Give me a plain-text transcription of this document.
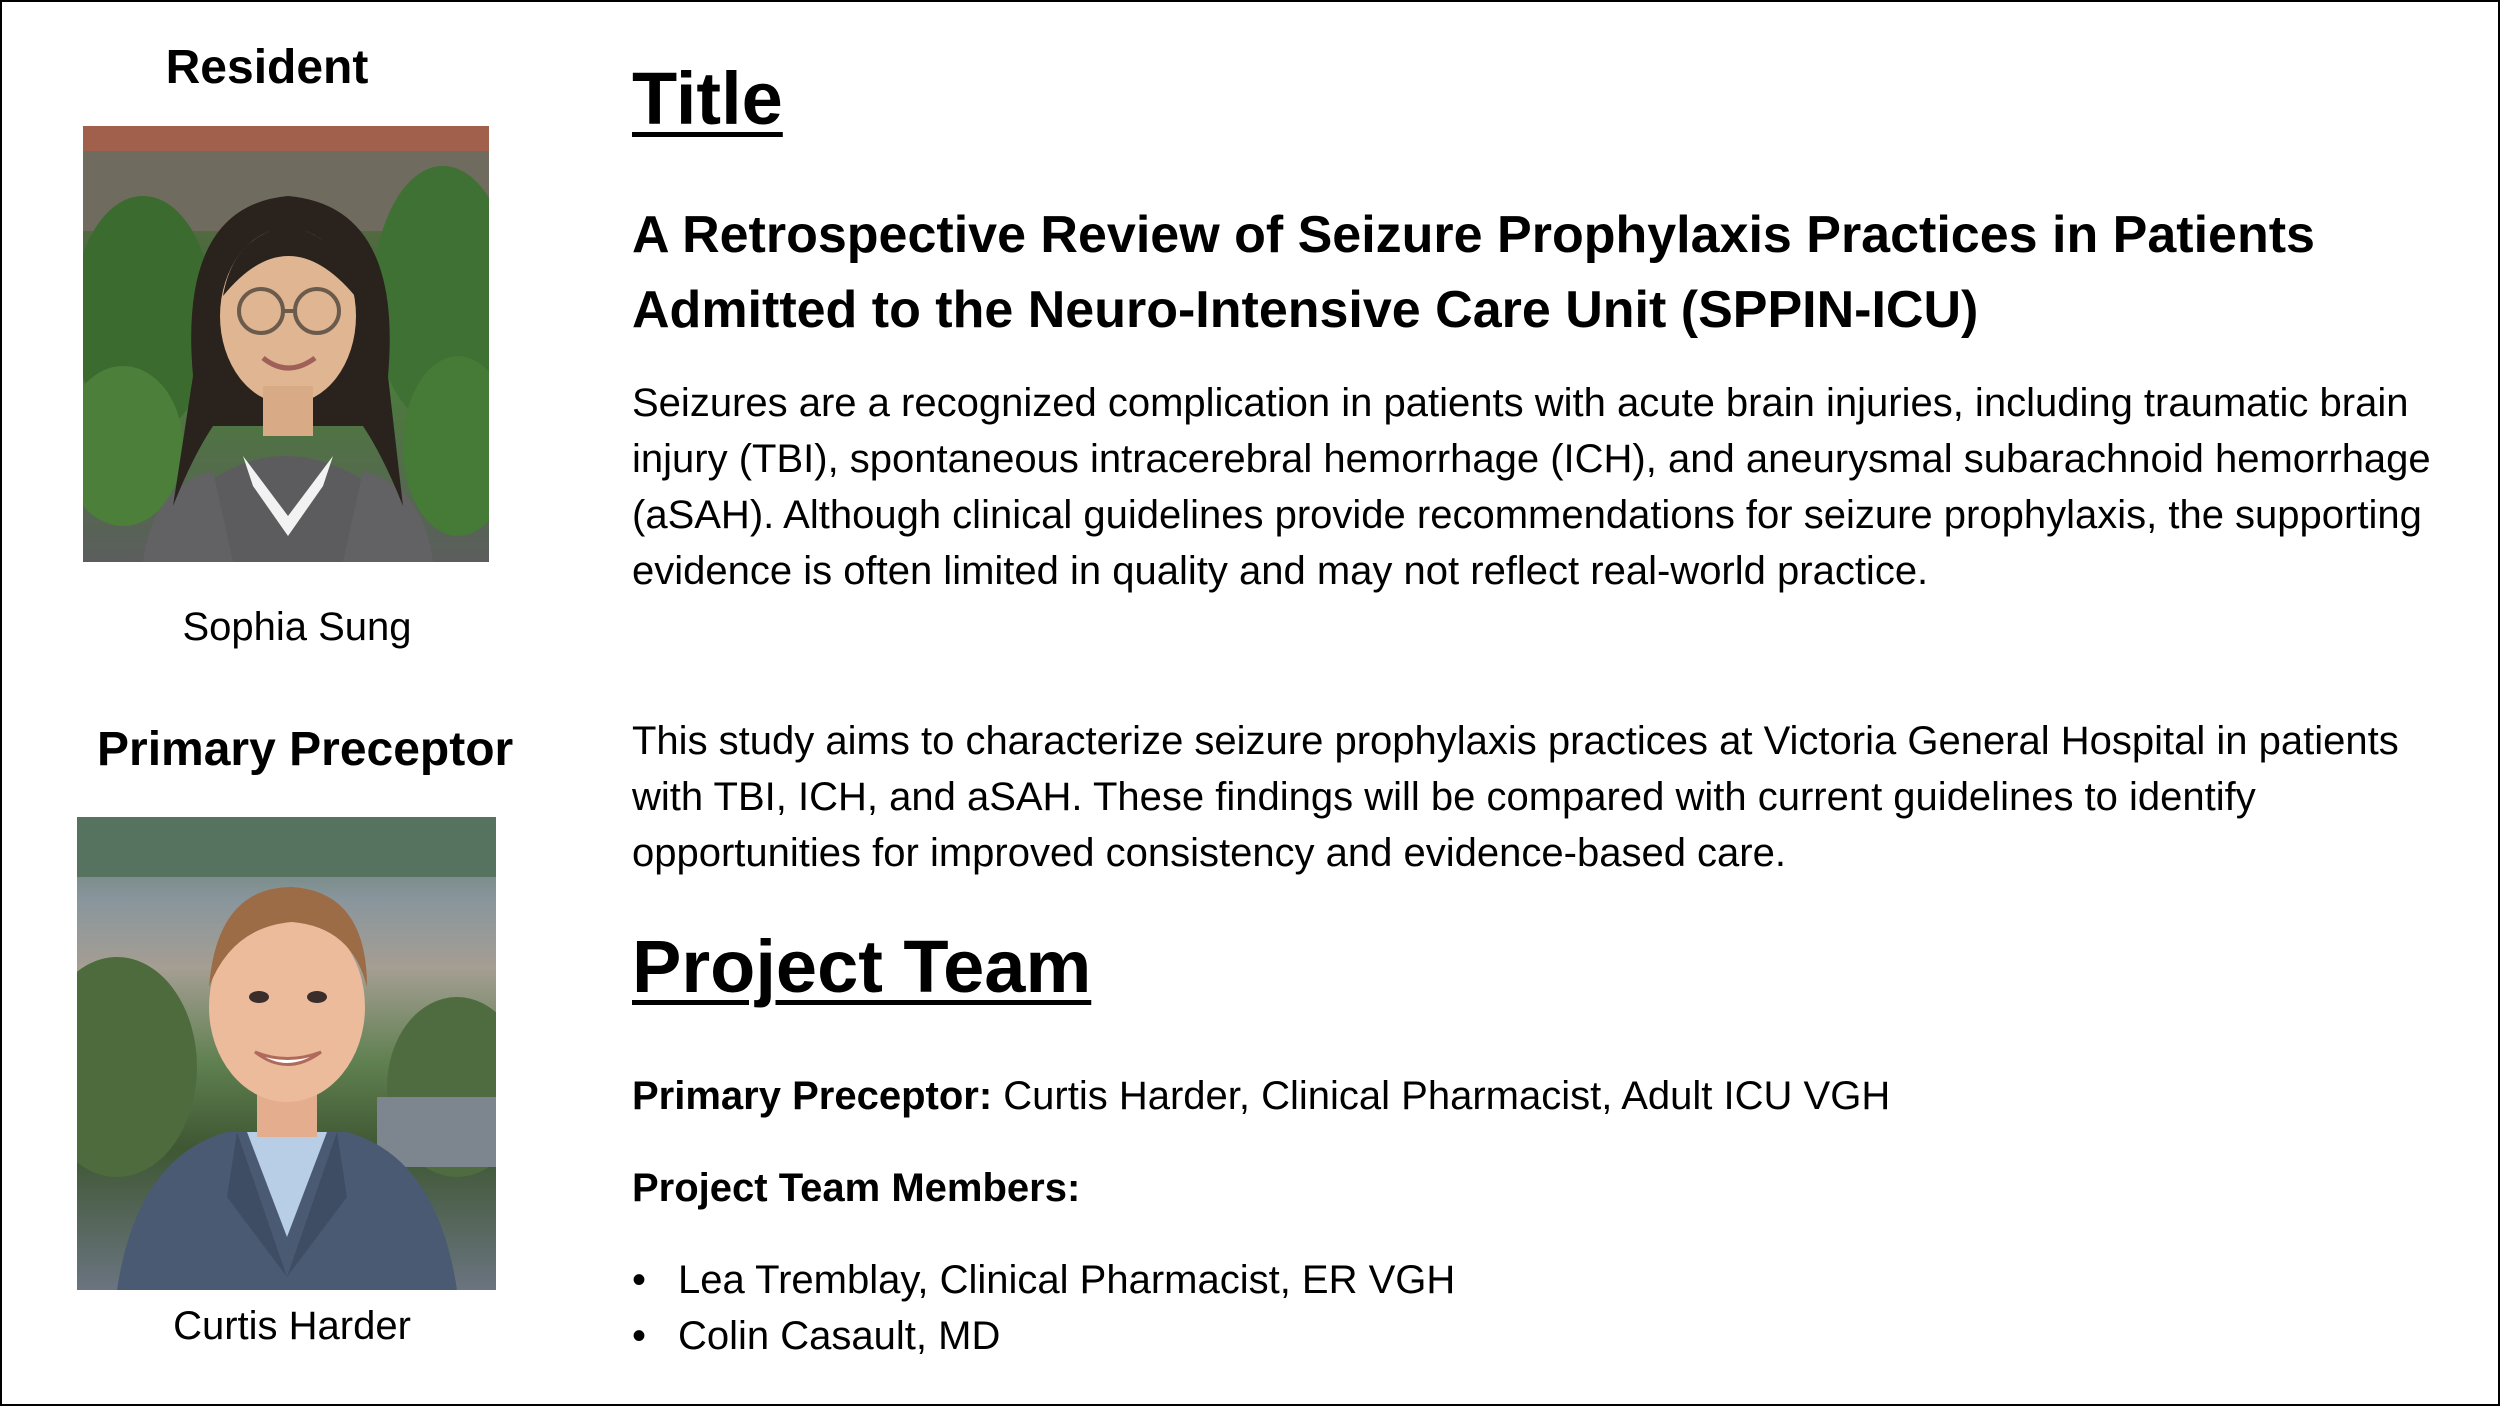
Resident
Sophia Sung
Primary Preceptor
Curtis Harder
Title
A Retrospective Review of Seizure Prophylaxis Practices in Patients Admitted to the Neuro-Intensive Care Unit (SPPIN-ICU)

Seizures are a recognized complication in patients with acute brain injuries, including traumatic brain injury (TBI), spontaneous intracerebral hemorrhage (ICH), and aneurysmal subarachnoid hemorrhage (aSAH). Although clinical guidelines provide recommendations for seizure prophylaxis, the supporting evidence is often limited in quality and may not reflect real-world practice.

This study aims to characterize seizure prophylaxis practices at Victoria General Hospital in patients with TBI, ICH, and aSAH. These findings will be compared with current guidelines to identify opportunities for improved consistency and evidence-based care.

Project Team

Primary Preceptor: Curtis Harder, Clinical Pharmacist, Adult ICU VGH

Project Team Members:

• Lea Tremblay, Clinical Pharmacist, ER VGH
• Colin Casault, MD
